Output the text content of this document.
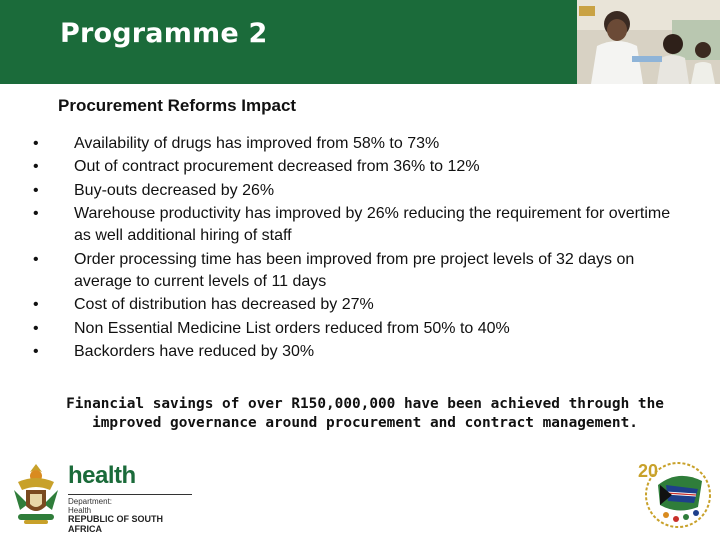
Programme 2
Procurement Reforms Impact
• Availability of drugs has improved from 58% to 73%
• Out of contract procurement decreased from 36% to 12%
• Buy-outs decreased by 26%
• Warehouse productivity has improved by 26% reducing the requirement for overtime as well additional hiring of staff
• Order processing time has been improved from pre project levels of 32 days on average to current levels of 11 days
• Cost of distribution has decreased by 27%
• Non Essential Medicine List orders reduced from 50% to 40%
• Backorders have reduced by 30%
Financial savings of over R150,000,000 have been achieved through the improved governance around procurement and contract management.
health
Department:
Health
REPUBLIC OF SOUTH AFRICA
20
